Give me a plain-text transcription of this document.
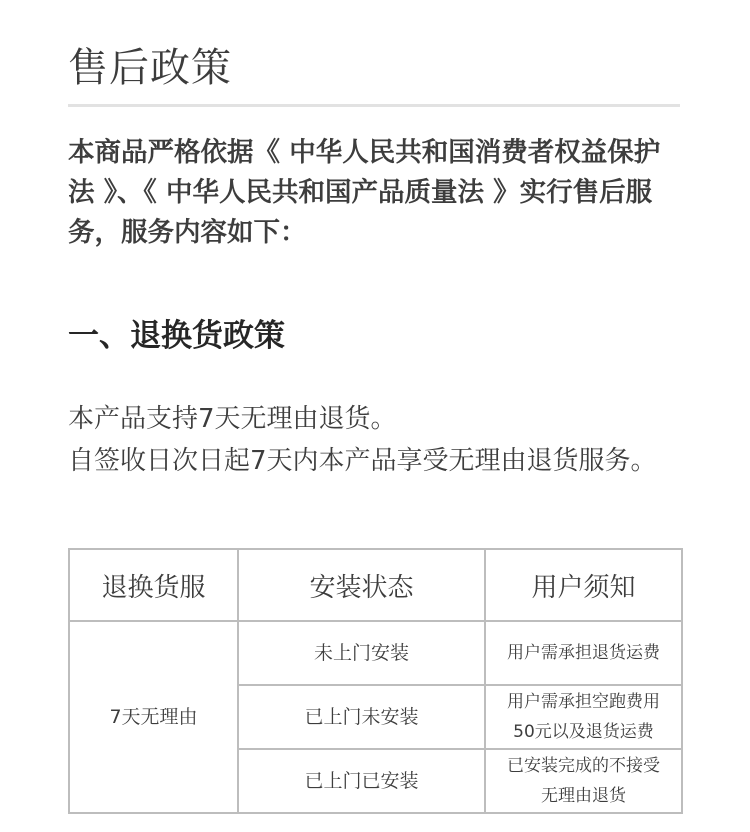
售后政策

本商品严格依据《 中华人民共和国消费者权益保护法 》、《 中华人民共和国产品质量法 》实行售后服务，服务内容如下：

一、退换货政策
本产品支持7天无理由退货。
自签收日次日起7天内本产品享受无理由退货服务。
退换货服	安装状态	用户须知
7天无理由	未上门安装	用户需承担退货运费
	已上门未安装	用户需承担空跑费用
50元以及退货运费

	已上门已安装	已安装完成的不接受
无理由退货
